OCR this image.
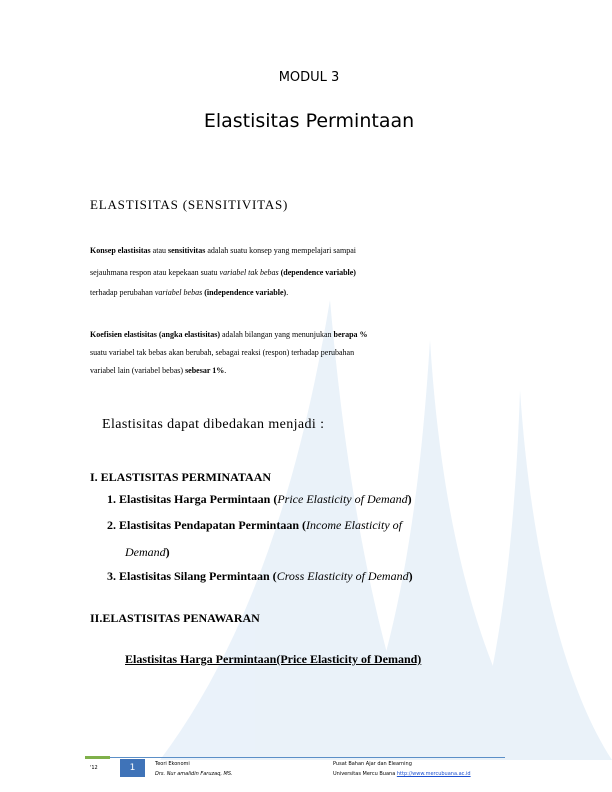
MODUL 3
Elastisitas Permintaan
ELASTISITAS (SENSITIVITAS)
Konsep elastisitas atau sensitivitas adalah suatu konsep yang mempelajari sampai
sejauhmana respon atau kepekaan suatu variabel tak bebas (dependence variable)
terhadap perubahan variabel bebas (independence variable).
Koefisien elastisitas (angka elastisitas) adalah bilangan yang menunjukan berapa %
suatu variabel tak bebas akan berubah, sebagai reaksi (respon) terhadap perubahan
variabel lain (variabel bebas) sebesar 1%.
Elastisitas dapat dibedakan menjadi :
I. ELASTISITAS PERMINATAAN
1. Elastisitas Harga Permintaan (Price Elasticity of Demand)
2. Elastisitas Pendapatan Permintaan (Income Elasticity of
Demand)
3. Elastisitas Silang Permintaan (Cross Elasticity of Demand)
II.ELASTISITAS PENAWARAN
Elastisitas Harga Permintaan(Price Elasticity of Demand)
'12	1	Teori Ekonomi
Drs. Nur amalidin Faruzaq, MS.
Pusat Bahan Ajar dan Elearning
Universitas Mercu Buana http://www.mercubuana.ac.id
